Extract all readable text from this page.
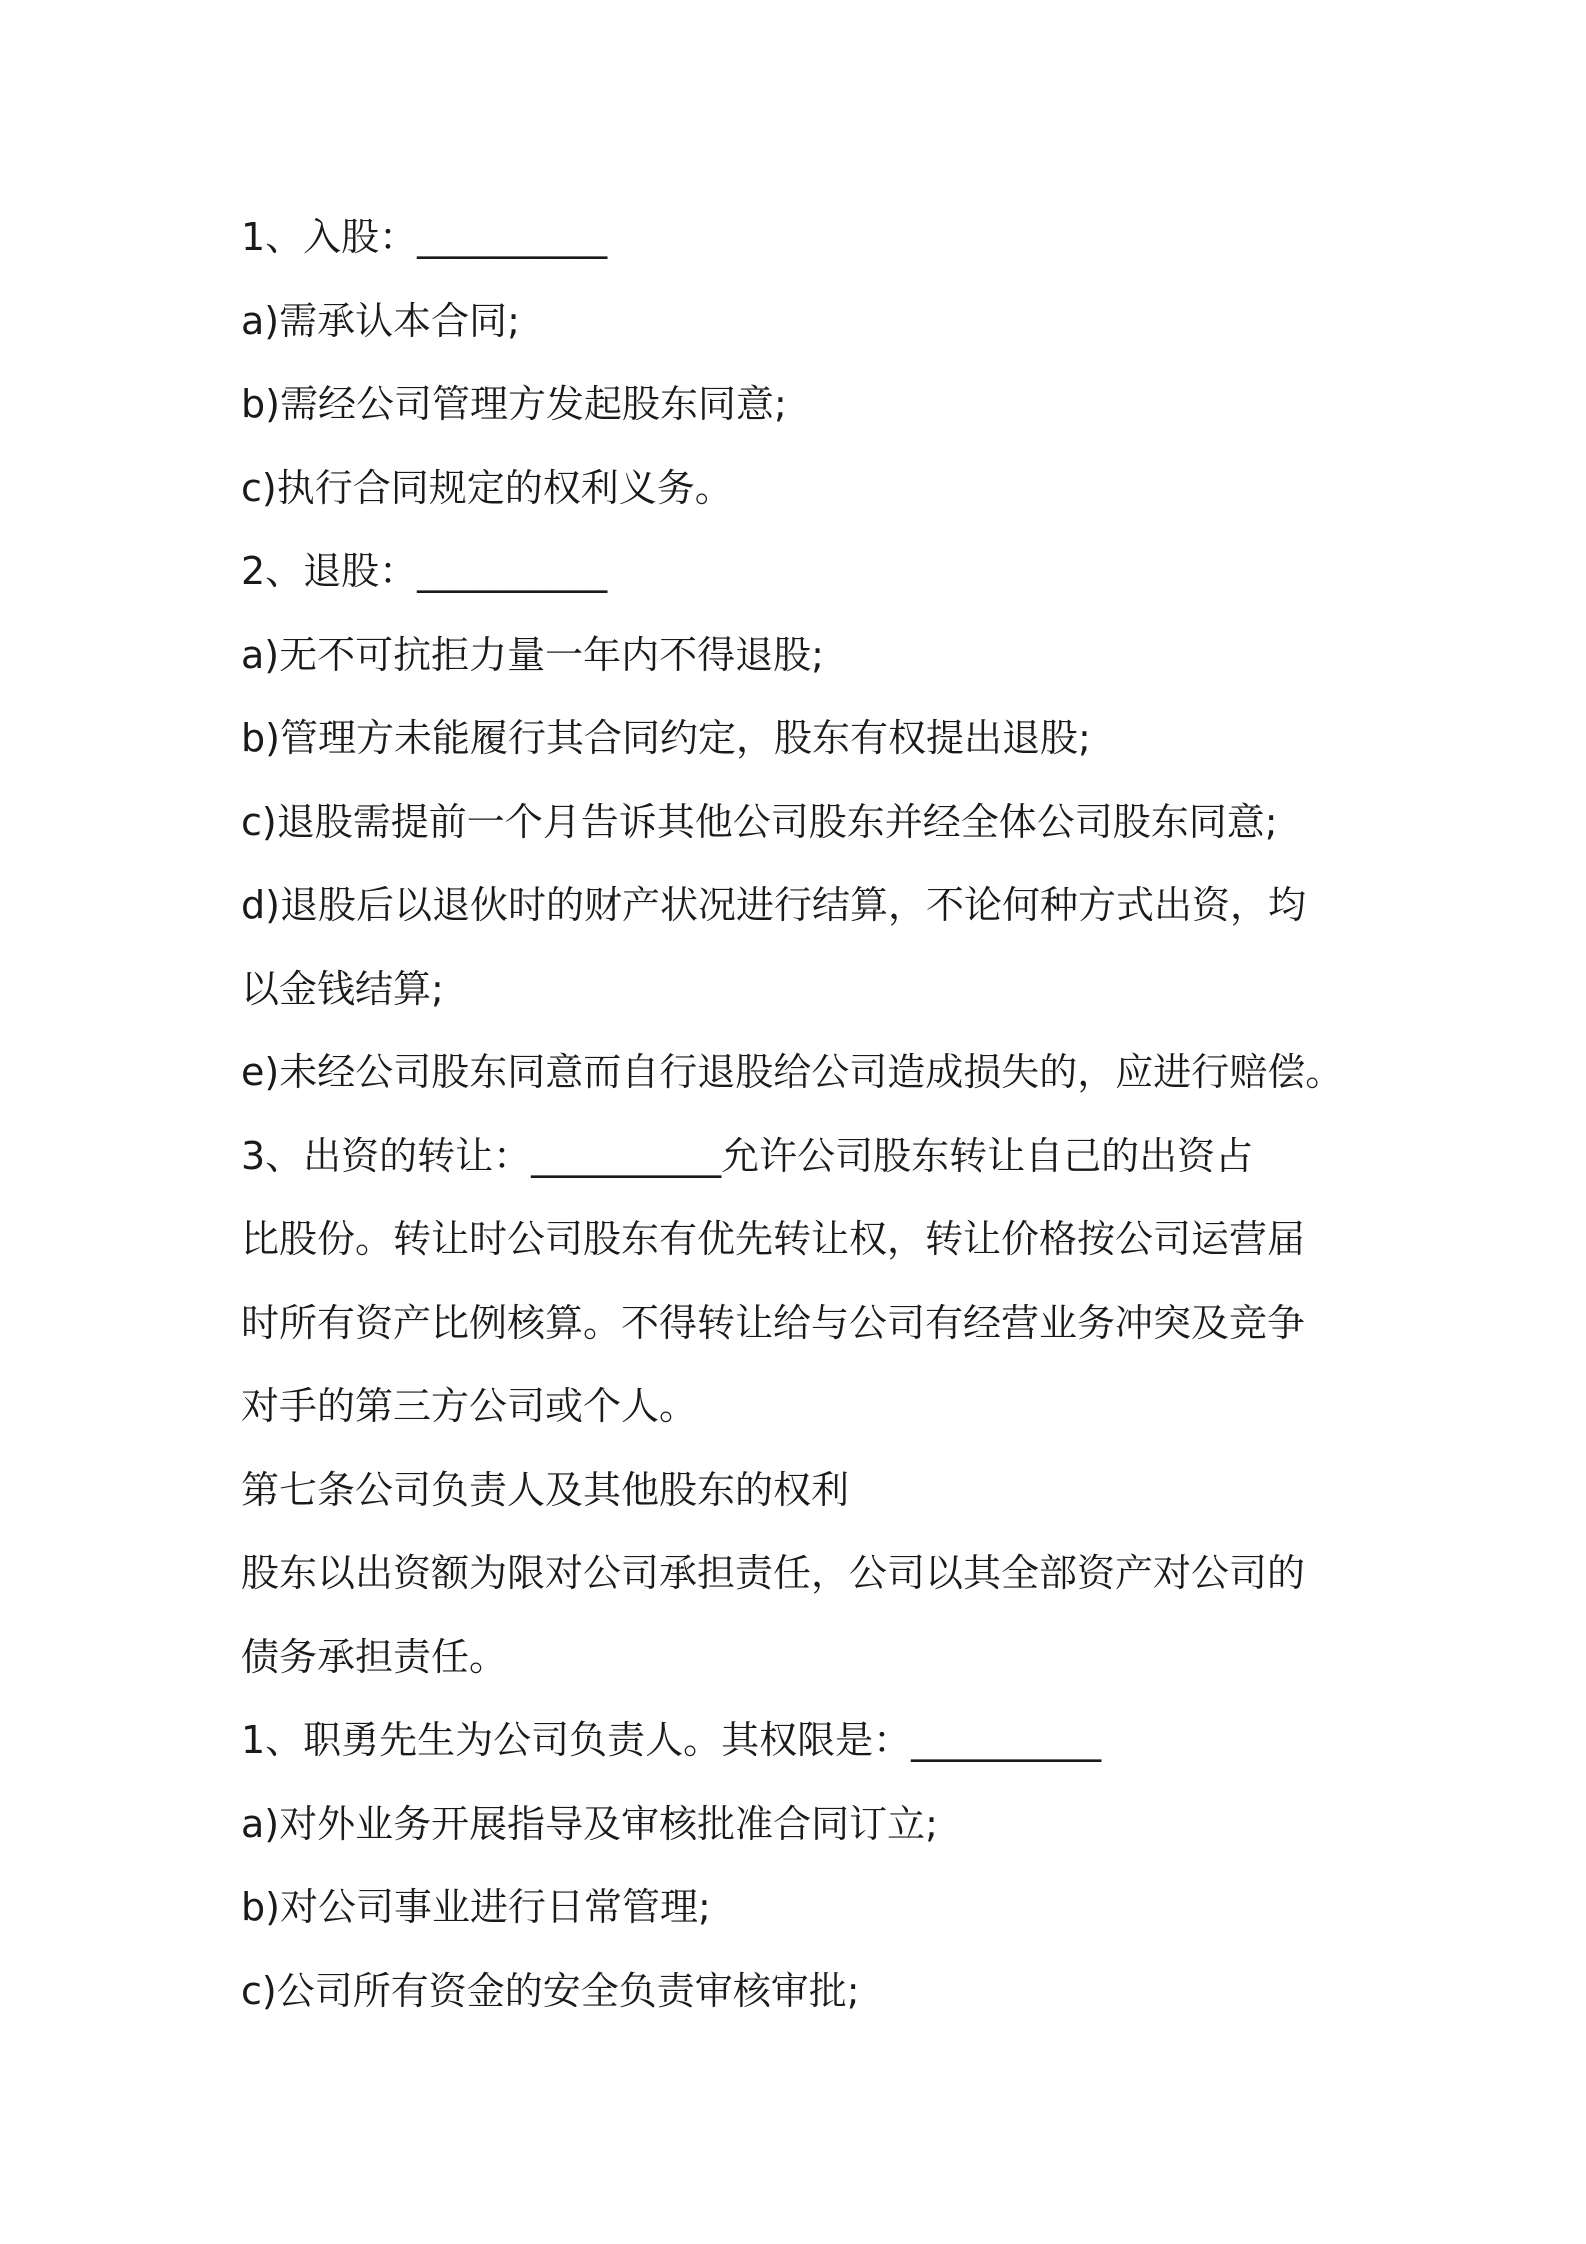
1、入股：__________
a)需承认本合同;
b)需经公司管理方发起股东同意;
c)执行合同规定的权利义务。
2、退股：__________
a)无不可抗拒力量一年内不得退股;
b)管理方未能履行其合同约定，股东有权提出退股;
c)退股需提前一个月告诉其他公司股东并经全体公司股东同意;
d)退股后以退伙时的财产状况进行结算，不论何种方式出资，均
以金钱结算;
e)未经公司股东同意而自行退股给公司造成损失的，应进行赔偿。
3、出资的转让：__________允许公司股东转让自己的出资占
比股份。转让时公司股东有优先转让权，转让价格按公司运营届
时所有资产比例核算。不得转让给与公司有经营业务冲突及竞争
对手的第三方公司或个人。
第七条公司负责人及其他股东的权利
股东以出资额为限对公司承担责任，公司以其全部资产对公司的
债务承担责任。
1、职勇先生为公司负责人。其权限是：__________
a)对外业务开展指导及审核批准合同订立;
b)对公司事业进行日常管理;
c)公司所有资金的安全负责审核审批;
